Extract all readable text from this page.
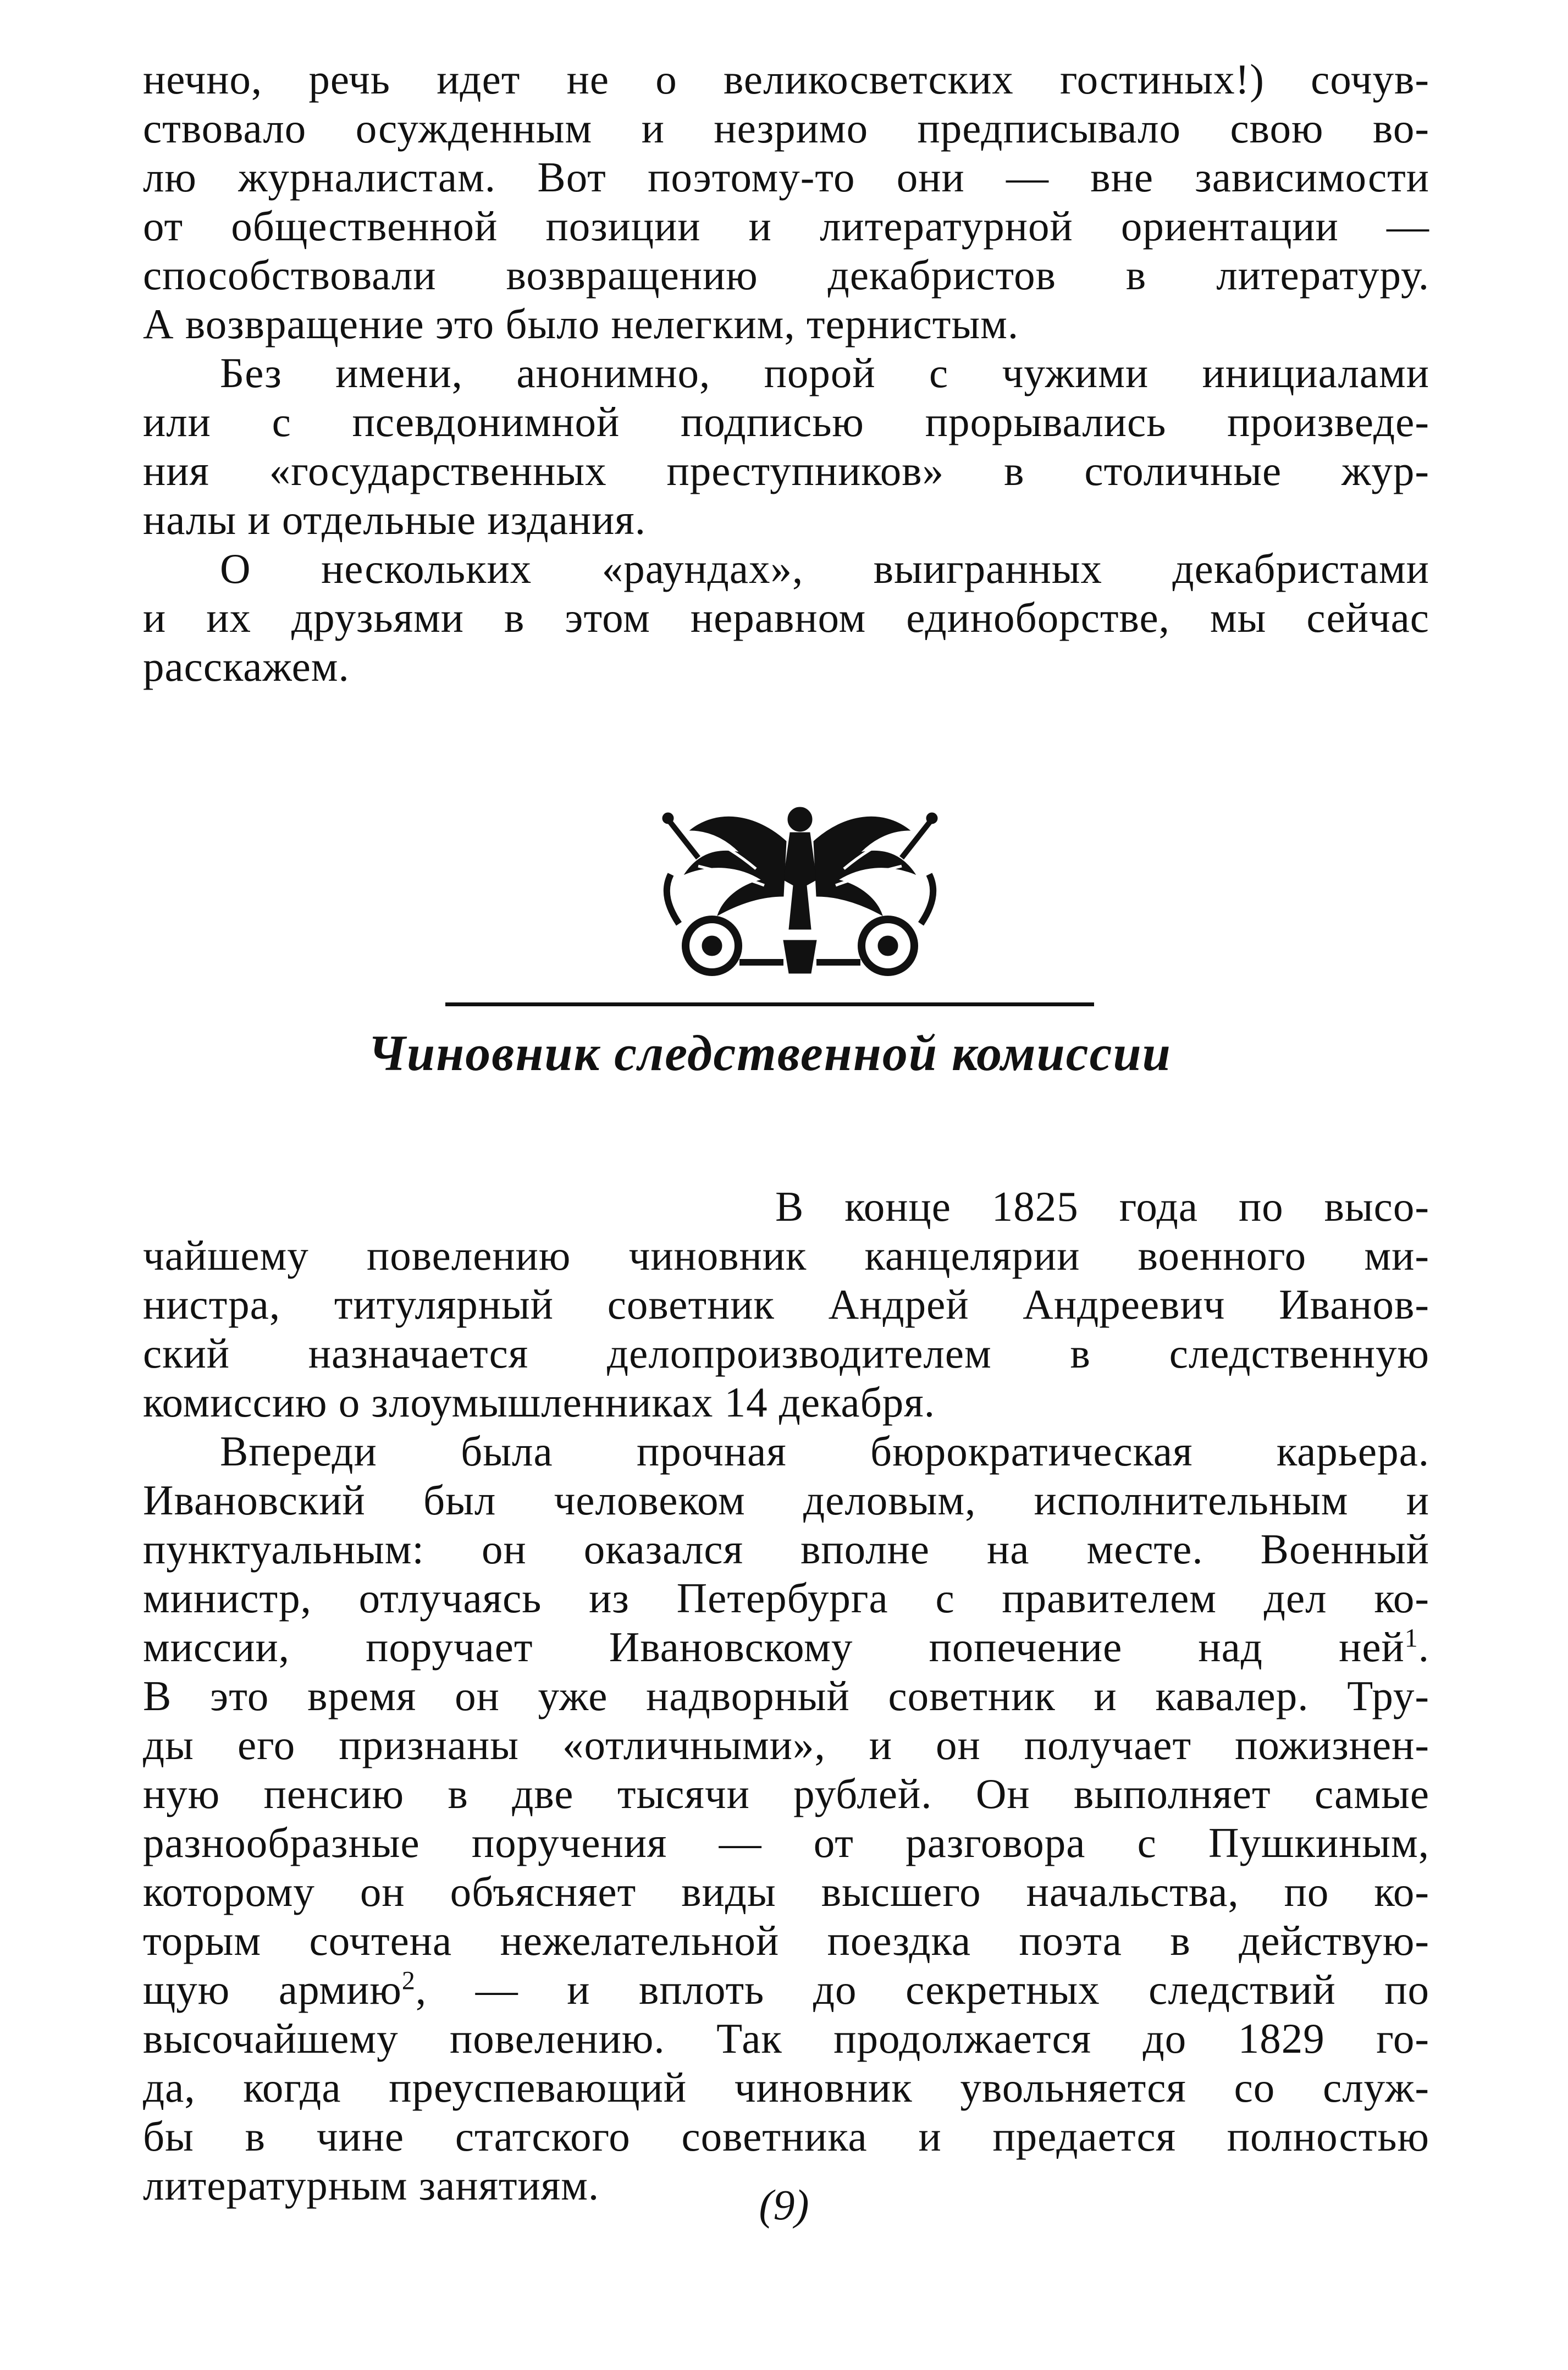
нечно, речь идет не о великосветских гостиных!) сочув-
ствовало осужденным и незримо предписывало свою во-
лю журналистам. Вот поэтому-то они — вне зависимости
от общественной позиции и литературной ориентации —
способствовали возвращению декабристов в литературу.
А возвращение это было нелегким, тернистым.
Без имени, анонимно, порой с чужими инициалами
или с псевдонимной подписью прорывались произведе-
ния «государственных преступников» в столичные жур-
налы и отдельные издания.
О нескольких «раундах», выигранных декабристами
и их друзьями в этом неравном единоборстве, мы сейчас
расскажем.
Чиновник следственной комиссии
В конце 1825 года по высо-
чайшему повелению чиновник канцелярии военного ми-
нистра, титулярный советник Андрей Андреевич Иванов-
ский назначается делопроизводителем в следственную
комиссию о злоумышленниках 14 декабря.
Впереди была прочная бюрократическая карьера.
Ивановский был человеком деловым, исполнительным и
пунктуальным: он оказался вполне на месте. Военный
министр, отлучаясь из Петербурга с правителем дел ко-
миссии, поручает Ивановскому попечение над ней$^1$.
В это время он уже надворный советник и кавалер. Тру-
ды его признаны «отличными», и он получает пожизнен-
ную пенсию в две тысячи рублей. Он выполняет самые
разнообразные поручения — от разговора с Пушкиным,
которому он объясняет виды высшего начальства, по ко-
торым сочтена нежелательной поездка поэта в действую-
щую армию$^2$, — и вплоть до секретных следствий по
высочайшему повелению. Так продолжается до 1829 го-
да, когда преуспевающий чиновник увольняется со служ-
бы в чине статского советника и предается полностью
литературным занятиям.	(9)
